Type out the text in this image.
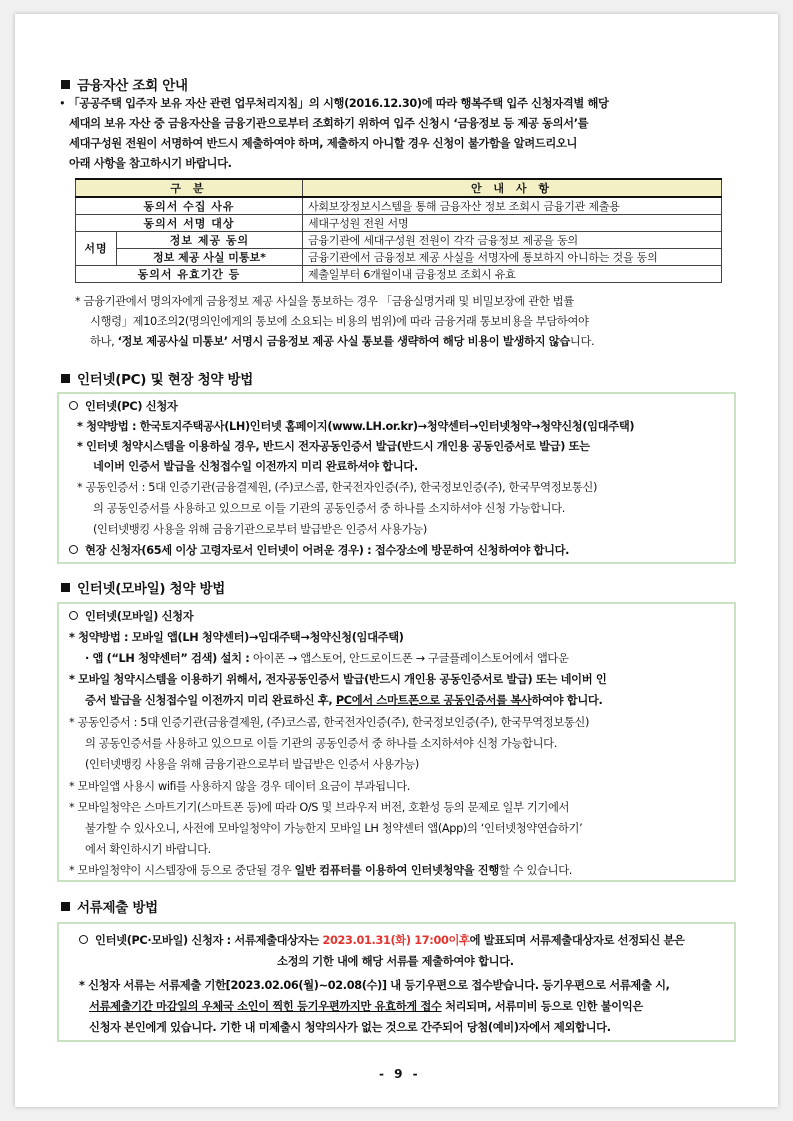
금융자산 조회 안내
• 「공공주택 입주자 보유 자산 관련 업무처리지침」의 시행(2016.12.30)에 따라 행복주택 입주 신청자격별 해당
세대의 보유 자산 중 금융자산을 금융기관으로부터 조회하기 위하여 입주 신청시 ‘금융정보 등 제공 동의서’를
세대구성원 전원이 서명하여 반드시 제출하여야 하며, 제출하지 아니할 경우 신청이 불가함을 알려드리오니
아래 사항을 참고하시기 바랍니다.
구 분		안 내 사 항
동의서 수집 사유		사회보장정보시스템을 통해 금융자산 정보 조회시 금융기관 제출용
동의서 서명 대상		세대구성원 전원 서명
서명	정보 제공 동의	금융기관에 세대구성원 전원이 각각 금융정보 제공을 동의
	정보 제공 사실 미통보*	금융기관에서 금융정보 제공 사실을 서명자에 통보하지 아니하는 것을 동의
동의서 유효기간 등		제출일부터 6개월이내 금융정보 조회시 유효
* 금융기관에서 명의자에게 금융정보 제공 사실을 통보하는 경우 「금융실명거래 및 비밀보장에 관한 법률
시행령」제10조의2(명의인에게의 통보에 소요되는 비용의 범위)에 따라 금융거래 통보비용을 부담하여야
하나, ‘정보 제공사실 미통보’ 서명시 금융정보 제공 사실 통보를 생략하여 해당 비용이 발생하지 않습니다.
인터넷(PC) 및 현장 청약 방법
인터넷(PC) 신청자
* 청약방법 : 한국토지주택공사(LH)인터넷 홈페이지(www.LH.or.kr)→청약센터→인터넷청약→청약신청(임대주택)
* 인터넷 청약시스템을 이용하실 경우, 반드시 전자공동인증서 발급(반드시 개인용 공동인증서로 발급) 또는
네이버 인증서 발급을 신청접수일 이전까지 미리 완료하셔야 합니다.
* 공동인증서 : 5대 인증기관(금융결제원, (주)코스콤, 한국전자인증(주), 한국정보인증(주), 한국무역정보통신)
의 공동인증서를 사용하고 있으므로 이들 기관의 공동인증서 중 하나를 소지하셔야 신청 가능합니다.
(인터넷뱅킹 사용을 위해 금융기관으로부터 발급받은 인증서 사용가능)
현장 신청자(65세 이상 고령자로서 인터넷이 어려운 경우) : 접수장소에 방문하여 신청하여야 합니다.
인터넷(모바일) 청약 방법
인터넷(모바일) 신청자
* 청약방법 : 모바일 앱(LH 청약센터)→임대주택→청약신청(임대주택)
· 앱 (“LH 청약센터” 검색) 설치 : 아이폰 → 앱스토어, 안드로이드폰 → 구글플레이스토어에서 앱다운
* 모바일 청약시스템을 이용하기 위해서, 전자공동인증서 발급(반드시 개인용 공동인증서로 발급) 또는 네이버 인
증서 발급을 신청접수일 이전까지 미리 완료하신 후, PC에서 스마트폰으로 공동인증서를 복사하여야 합니다.
* 공동인증서 : 5대 인증기관(금융결제원, (주)코스콤, 한국전자인증(주), 한국정보인증(주), 한국무역정보통신)
의 공동인증서를 사용하고 있으므로 이들 기관의 공동인증서 중 하나를 소지하셔야 신청 가능합니다.
(인터넷뱅킹 사용을 위해 금융기관으로부터 발급받은 인증서 사용가능)
* 모바일앱 사용시 wifi를 사용하지 않을 경우 데이터 요금이 부과됩니다.
* 모바일청약은 스마트기기(스마트폰 등)에 따라 O/S 및 브라우저 버전, 호환성 등의 문제로 일부 기기에서
불가할 수 있사오니, 사전에 모바일청약이 가능한지 모바일 LH 청약센터 앱(App)의 ‘인터넷청약연습하기’
에서 확인하시기 바랍니다.
* 모바일청약이 시스템장애 등으로 중단될 경우 일반 컴퓨터를 이용하여 인터넷청약을 진행할 수 있습니다.
서류제출 방법
인터넷(PC·모바일) 신청자 : 서류제출대상자는 2023.01.31(화) 17:00이후에 발표되며 서류제출대상자로 선정되신 분은
소정의 기한 내에 해당 서류를 제출하여야 합니다.
* 신청자 서류는 서류제출 기한[2023.02.06(월)~02.08(수)] 내 등기우편으로 접수받습니다. 등기우편으로 서류제출 시,
서류제출기간 마감일의 우체국 소인이 찍힌 등기우편까지만 유효하게 접수 처리되며, 서류미비 등으로 인한 불이익은
신청자 본인에게 있습니다. 기한 내 미제출시 청약의사가 없는 것으로 간주되어 당첨(예비)자에서 제외합니다.
- 9 -
